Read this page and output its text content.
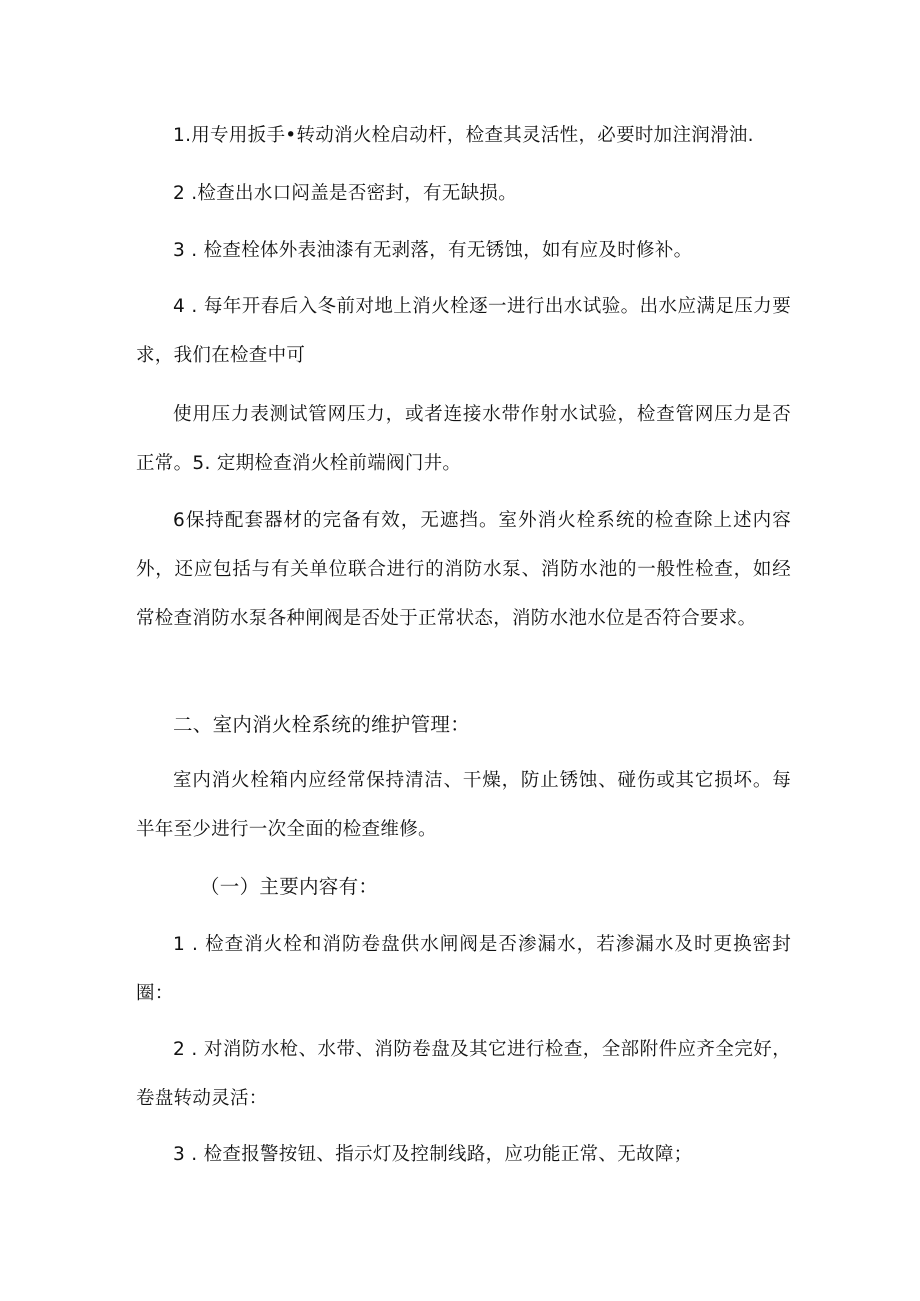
1.用专用扳手•转动消火栓启动杆，检查其灵活性，必要时加注润滑油.

2 .检查出水口闷盖是否密封，有无缺损。

3 . 检查栓体外表油漆有无剥落，有无锈蚀，如有应及时修补。

4 . 每年开春后入冬前对地上消火栓逐一进行出水试验。出水应满足压力要求，我们在检查中可

使用压力表测试管网压力，或者连接水带作射水试验，检查管网压力是否正常。5. 定期检查消火栓前端阀门井。

6保持配套器材的完备有效，无遮挡。室外消火栓系统的检查除上述内容外，还应包括与有关单位联合进行的消防水泵、消防水池的一般性检查，如经常检查消防水泵各种闸阀是否处于正常状态，消防水池水位是否符合要求。

二、室内消火栓系统的维护管理：

室内消火栓箱内应经常保持清洁、干燥，防止锈蚀、碰伤或其它损坏。每半年至少进行一次全面的检查维修。

（一）主要内容有：

1 . 检查消火栓和消防卷盘供水闸阀是否渗漏水，若渗漏水及时更换密封圈：

2 . 对消防水枪、水带、消防卷盘及其它进行检查，全部附件应齐全完好，卷盘转动灵活：

3 . 检查报警按钮、指示灯及控制线路，应功能正常、无故障；
